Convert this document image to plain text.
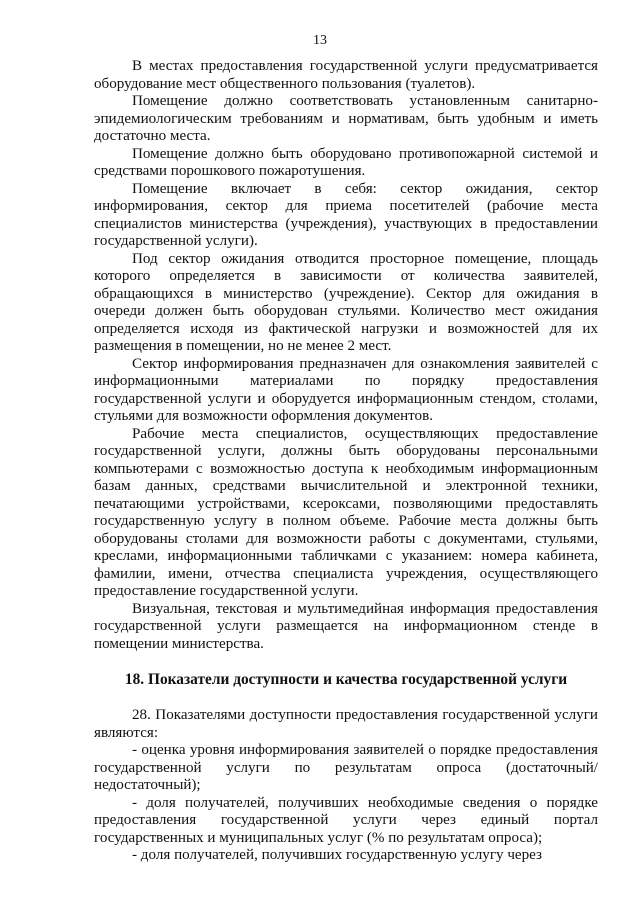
13

В местах предоставления государственной услуги предусматривается оборудование мест общественного пользования (туалетов).

Помещение должно соответствовать установленным санитарно-эпидемиологическим требованиям и нормативам, быть удобным и иметь достаточно места.

Помещение должно быть оборудовано противопожарной системой и средствами порошкового пожаротушения.

Помещение включает в себя: сектор ожидания, сектор информирования, сектор для приема посетителей (рабочие места специалистов министерства (учреждения), участвующих в предоставлении государственной услуги).

Под сектор ожидания отводится просторное помещение, площадь которого определяется в зависимости от количества заявителей, обращающихся в министерство (учреждение). Сектор для ожидания в очереди должен быть оборудован стульями. Количество мест ожидания определяется исходя из фактической нагрузки и возможностей для их размещения в помещении, но не менее 2 мест.

Сектор информирования предназначен для ознакомления заявителей с информационными материалами по порядку предоставления государственной услуги и оборудуется информационным стендом, столами, стульями для возможности оформления документов.

Рабочие места специалистов, осуществляющих предоставление государственной услуги, должны быть оборудованы персональными компьютерами с возможностью доступа к необходимым информационным базам данных, средствами вычислительной и электронной техники, печатающими устройствами, ксероксами, позволяющими предоставлять государственную услугу в полном объеме. Рабочие места должны быть оборудованы столами для возможности работы с документами, стульями, креслами, информационными табличками с указанием: номера кабинета, фамилии, имени, отчества специалиста учреждения, осуществляющего предоставление государственной услуги.

Визуальная, текстовая и мультимедийная информация предоставления государственной услуги размещается на информационном стенде в помещении министерства.

18. Показатели доступности и качества государственной услуги

28. Показателями доступности предоставления государственной услуги являются:

- оценка уровня информирования заявителей о порядке предоставления государственной услуги по результатам опроса (достаточный/недостаточный);

- доля получателей, получивших необходимые сведения о порядке предоставления государственной услуги через единый портал государственных и муниципальных услуг (% по результатам опроса);

- доля получателей, получивших государственную услугу через
